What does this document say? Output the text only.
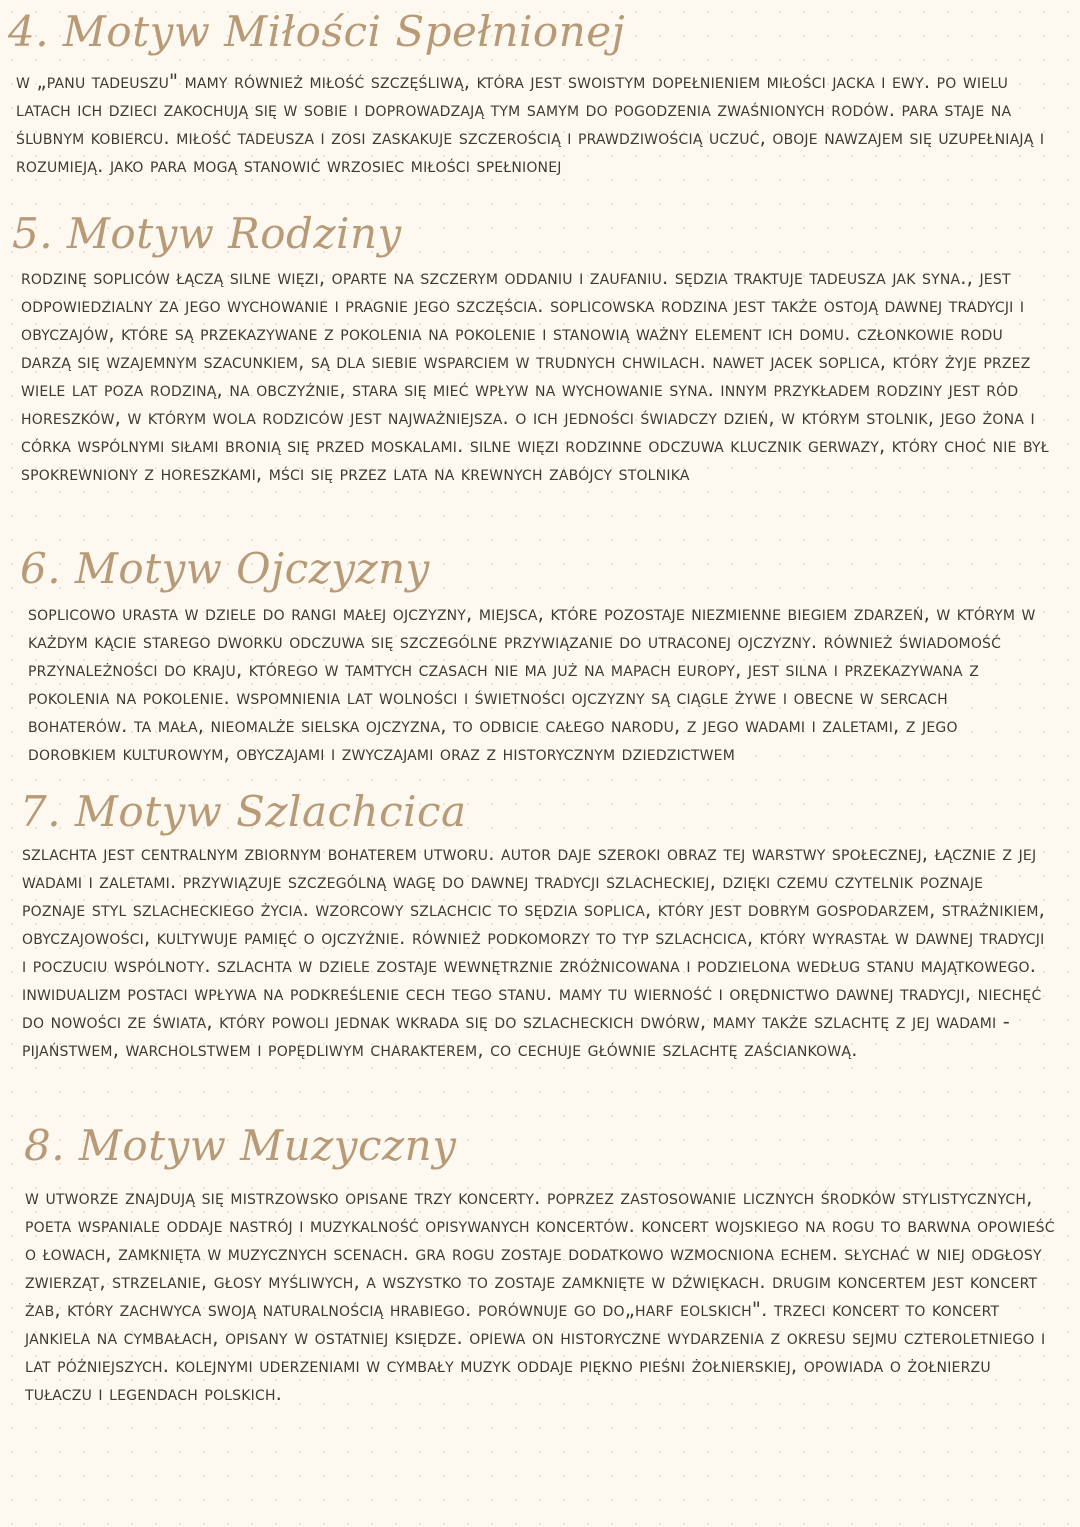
4. Motyw Miłości Spełnionej

w „panu tadeuszu" mamy również miłość szczęśliwą, która jest swoistym dopełnieniem miłości jacka i ewy. po wielu latach ich dzieci zakochują się w sobie i doprowadzają tym samym do pogodzenia zwaśnionych rodów. para staje na ślubnym kobiercu. miłość tadeusza i zosi zaskakuje szczerością i prawdziwością uczuć, oboje nawzajem się uzupełniają i rozumieją. jako para mogą stanowić wrzosiec miłości spełnionej

5. Motyw Rodziny

rodzinę sopliców łączą silne więzi, oparte na szczerym oddaniu i zaufaniu. sędzia traktuje tadeusza jak syna., jest odpowiedzialny za jego wychowanie i pragnie jego szczęścia. soplicowska rodzina jest także ostoją dawnej tradycji i obyczajów, które są przekazywane z pokolenia na pokolenie i stanowią ważny element ich domu. członkowie rodu darzą się wzajemnym szacunkiem, są dla siebie wsparciem w trudnych chwilach. nawet jacek soplica, który żyje przez wiele lat poza rodziną, na obczyźnie, stara się mieć wpływ na wychowanie syna. innym przykładem rodziny jest ród horeszków, w którym wola rodziców jest najważniejsza. o ich jedności świadczy dzień, w którym stolnik, jego żona i córka wspólnymi siłami bronią się przed moskalami. silne więzi rodzinne odczuwa klucznik gerwazy, który choć nie był spokrewniony z horeszkami, mści się przez lata na krewnych zabójcy stolnika

6. Motyw Ojczyzny

soplicowo urasta w dziele do rangi małej ojczyzny, miejsca, które pozostaje niezmienne biegiem zdarzeń, w którym w każdym kącie starego dworku odczuwa się szczególne przywiązanie do utraconej ojczyzny. również świadomość przynależności do kraju, którego w tamtych czasach nie ma już na mapach europy, jest silna i przekazywana z pokolenia na pokolenie. wspomnienia lat wolności i świetności ojczyzny są ciągle żywe i obecne w sercach bohaterów. ta mała, nieomalże sielska ojczyzna, to odbicie całego narodu, z jego wadami i zaletami, z jego dorobkiem kulturowym, obyczajami i zwyczajami oraz z historycznym dziedzictwem

7. Motyw Szlachcica

szlachta jest centralnym zbiornym bohaterem utworu. autor daje szeroki obraz tej warstwy społecznej, łącznie z jej wadami i zaletami. przywiązuje szczególną wagę do dawnej tradycji szlacheckiej, dzięki czemu czytelnik poznaje poznaje styl szlacheckiego życia. wzorcowy szlachcic to sędzia soplica, który jest dobrym gospodarzem, strażnikiem, obyczajowości, kultywuje pamięć o ojczyźnie. również podkomorzy to typ szlachcica, który wyrastał w dawnej tradycji i poczuciu wspólnoty. szlachta w dziele zostaje wewnętrznie zróżnicowana i podzielona według stanu majątkowego. inwidualizm postaci wpływa na podkreślenie cech tego stanu. mamy tu wierność i orędnictwo dawnej tradycji, niechęć do nowości ze świata, który powoli jednak wkrada się do szlacheckich dwórw, mamy także szlachtę z jej wadami - pijaństwem, warcholstwem i popędliwym charakterem, co cechuje głównie szlachtę zaściankową.

8. Motyw Muzyczny

w utworze znajdują się mistrzowsko opisane trzy koncerty. poprzez zastosowanie licznych środków stylistycznych, poeta wspaniale oddaje nastrój i muzykalność opisywanych koncertów. koncert wojskiego na rogu to barwna opowieść o łowach, zamknięta w muzycznych scenach. gra rogu zostaje dodatkowo wzmocniona echem. słychać w niej odgłosy zwierząt, strzelanie, głosy myśliwych, a wszystko to zostaje zamknięte w dźwiękach. drugim koncertem jest koncert żab, który zachwyca swoją naturalnością hrabiego. porównuje go do„harf eolskich". trzeci koncert to koncert jankiela na cymbałach, opisany w ostatniej księdze. opiewa on historyczne wydarzenia z okresu sejmu czteroletniego i lat późniejszych. kolejnymi uderzeniami w cymbały muzyk oddaje piękno pieśni żołnierskiej, opowiada o żołnierzu tułaczu i legendach polskich.
